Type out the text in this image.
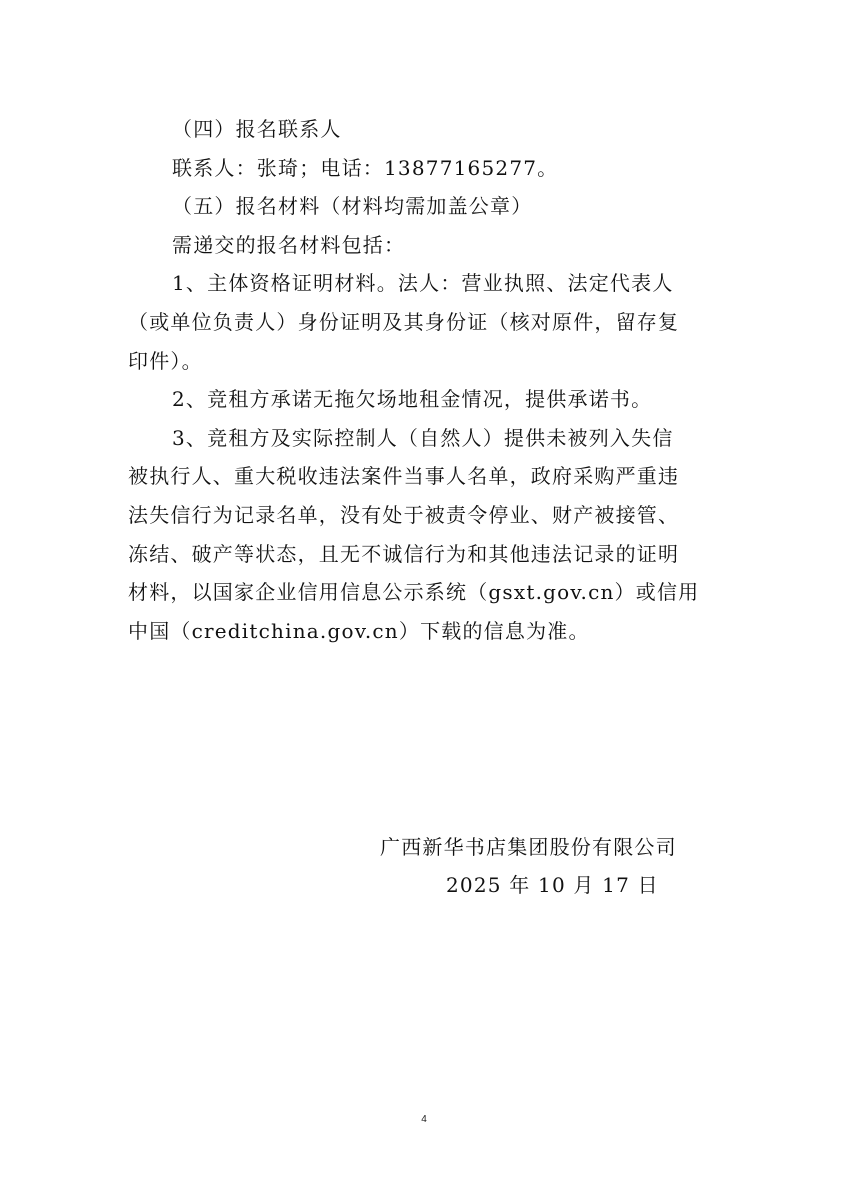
（四）报名联系人
联系人：张琦；电话：13877165277。
（五）报名材料（材料均需加盖公章）
需递交的报名材料包括：
1、主体资格证明材料。法人：营业执照、法定代表人
（或单位负责人）身份证明及其身份证（核对原件，留存复
印件）。
2、竞租方承诺无拖欠场地租金情况，提供承诺书。
3、竞租方及实际控制人（自然人）提供未被列入失信
被执行人、重大税收违法案件当事人名单，政府采购严重违
法失信行为记录名单，没有处于被责令停业、财产被接管、
冻结、破产等状态，且无不诚信行为和其他违法记录的证明
材料，以国家企业信用信息公示系统（gsxt.gov.cn）或信用
中国（creditchina.gov.cn）下载的信息为准。
广西新华书店集团股份有限公司
2025 年 10 月 17 日
4
